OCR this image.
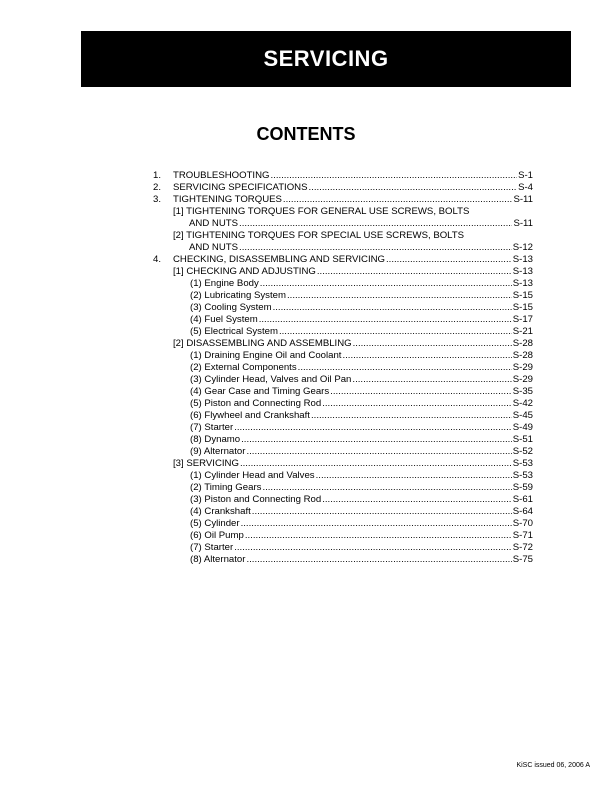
SERVICING
CONTENTS
1. TROUBLESHOOTING .....	S-1
2. SERVICING SPECIFICATIONS .....	S-4
3. TIGHTENING TORQUES .....	S-11
[1] TIGHTENING TORQUES FOR GENERAL USE SCREWS, BOLTS
AND NUTS .....	S-11
[2] TIGHTENING TORQUES FOR SPECIAL USE SCREWS, BOLTS
AND NUTS .....	S-12
4. CHECKING, DISASSEMBLING AND SERVICING .....	S-13
[1] CHECKING AND ADJUSTING .....	S-13
(1) Engine Body .....	S-13
(2) Lubricating System .....	S-15
(3) Cooling System .....	S-15
(4) Fuel System .....	S-17
(5) Electrical System .....	S-21
[2] DISASSEMBLING AND ASSEMBLING .....	S-28
(1) Draining Engine Oil and Coolant .....	S-28
(2) External Components .....	S-29
(3) Cylinder Head, Valves and Oil Pan .....	S-29
(4) Gear Case and Timing Gears .....	S-35
(5) Piston and Connecting Rod .....	S-42
(6) Flywheel and Crankshaft .....	S-45
(7) Starter .....	S-49
(8) Dynamo .....	S-51
(9) Alternator .....	S-52
[3] SERVICING .....	S-53
(1) Cylinder Head and Valves .....	S-53
(2) Timing Gears .....	S-59
(3) Piston and Connecting Rod .....	S-61
(4) Crankshaft .....	S-64
(5) Cylinder .....	S-70
(6) Oil Pump .....	S-71
(7) Starter .....	S-72
(8) Alternator .....	S-75
KiSC issued 06, 2006 A
